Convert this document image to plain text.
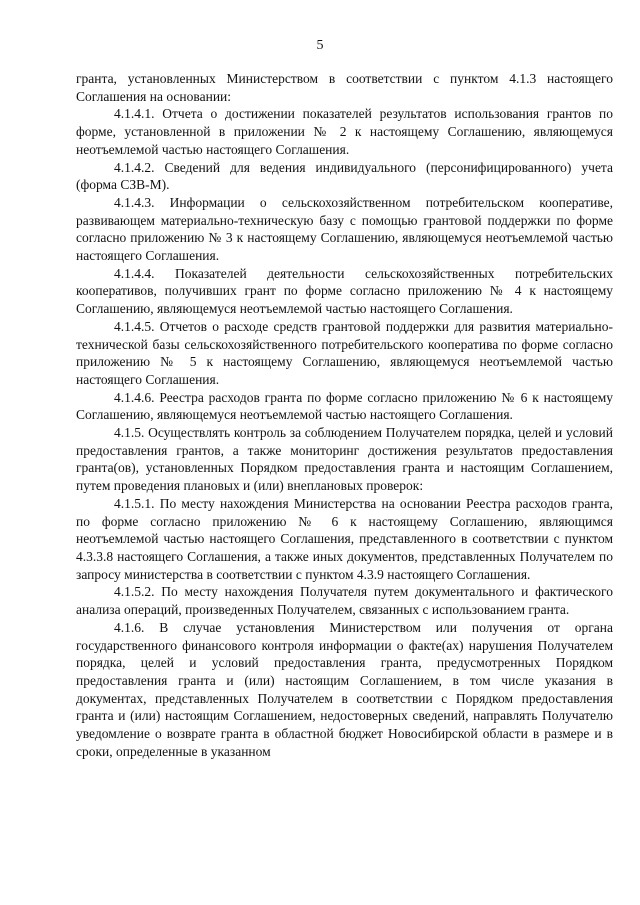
5

гранта, установленных Министерством в соответствии с пунктом 4.1.3 настоящего Соглашения на основании:

4.1.4.1. Отчета о достижении показателей результатов использования грантов по форме, установленной в приложении № 2 к настоящему Соглашению, являющемуся неотъемлемой частью настоящего Соглашения.

4.1.4.2. Сведений для ведения индивидуального (персонифицированного) учета (форма СЗВ-М).

4.1.4.3. Информации о сельскохозяйственном потребительском кооперативе, развивающем материально-техническую базу с помощью грантовой поддержки по форме согласно приложению № 3 к настоящему Соглашению, являющемуся неотъемлемой частью настоящего Соглашения.

4.1.4.4. Показателей деятельности сельскохозяйственных потребительских кооперативов, получивших грант по форме согласно приложению № 4 к настоящему Соглашению, являющемуся неотъемлемой частью настоящего Соглашения.

4.1.4.5. Отчетов о расходе средств грантовой поддержки для развития материально-технической базы сельскохозяйственного потребительского кооператива по форме согласно приложению № 5 к настоящему Соглашению, являющемуся неотъемлемой частью настоящего Соглашения.

4.1.4.6. Реестра расходов гранта по форме согласно приложению № 6 к настоящему Соглашению, являющемуся неотъемлемой частью настоящего Соглашения.

4.1.5. Осуществлять контроль за соблюдением Получателем порядка, целей и условий предоставления грантов, а также мониторинг достижения результатов предоставления гранта(ов), установленных Порядком предоставления гранта и настоящим Соглашением, путем проведения плановых и (или) внеплановых проверок:

4.1.5.1. По месту нахождения Министерства на основании Реестра расходов гранта, по форме согласно приложению № 6 к настоящему Соглашению, являющимся неотъемлемой частью настоящего Соглашения, представленного в соответствии с пунктом 4.3.3.8 настоящего Соглашения, а также иных документов, представленных Получателем по запросу министерства в соответствии с пунктом 4.3.9 настоящего Соглашения.

4.1.5.2. По месту нахождения Получателя путем документального и фактического анализа операций, произведенных Получателем, связанных с использованием гранта.

4.1.6. В случае установления Министерством или получения от органа государственного финансового контроля информации о факте(ах) нарушения Получателем порядка, целей и условий предоставления гранта, предусмотренных Порядком предоставления гранта и (или) настоящим Соглашением, в том числе указания в документах, представленных Получателем в соответствии с Порядком предоставления гранта и (или) настоящим Соглашением, недостоверных сведений, направлять Получателю уведомление о возврате гранта в областной бюджет Новосибирской области в размере и в сроки, определенные в указанном
